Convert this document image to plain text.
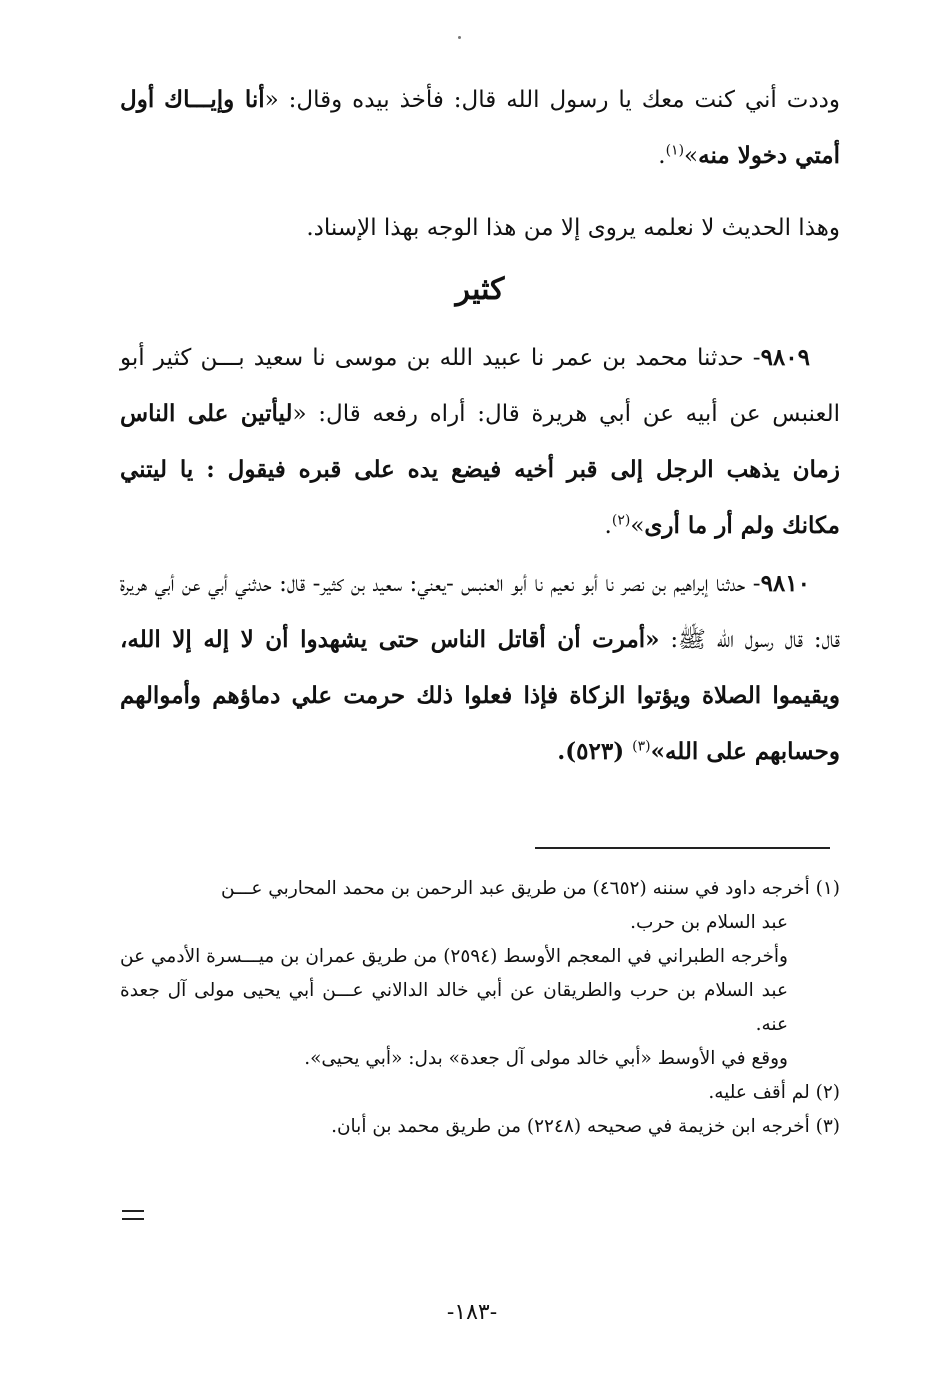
وددت أني كنت معك يا رسول الله قال: فأخذ بيده وقال: «أنا وإيـــاك أول أمتي دخولا منه»$^{(١)}$.
وهذا الحديث لا نعلمه يروى إلا من هذا الوجه بهذا الإسناد.
كثير
٩٨٠٩- حدثنا محمد بن عمر نا عبيد الله بن موسى نا سعيد بـــن كثير أبو العنبس عن أبيه عن أبي هريرة قال: أراه رفعه قال: «ليأتين على الناس زمان يذهب الرجل إلى قبر أخيه فيضع يده على قبره فيقول : يا ليتني مكانك ولم أر ما أرى»$^{(٢)}$.
٩٨١٠- حدثنا إبراهيم بن نصر نا أبو نعيم نا أبو العنبس -يعني: سعيد بن كثير- قال: حدثني أبي عن أبي هريرة قال: قال رسول الله ﷺ: «أمرت أن أقاتل الناس حتى يشهدوا أن لا إله إلا الله، ويقيموا الصلاة ويؤتوا الزكاة فإذا فعلوا ذلك حرمت علي دماؤهم وأموالهم وحسابهم على الله»$^{(٣)}$ (٥٢٣).
(١) أخرجه داود في سننه (٤٦٥٢) من طريق عبد الرحمن بن محمد المحاربي عـــن
عبد السلام بن حرب.
وأخرجه الطبراني في المعجم الأوسط (٢٥٩٤) من طريق عمران بن ميـــسرة الأدمي عن عبد السلام بن حرب والطريقان عن أبي خالد الدالاني عـــن أبي يحيى مولى آل جعدة عنه.
ووقع في الأوسط «أبي خالد مولى آل جعدة» بدل: «أبي يحيى».
(٢) لم أقف عليه.
(٣) أخرجه ابن خزيمة في صحيحه (٢٢٤٨) من طريق محمد بن أبان.
-١٨٣-
